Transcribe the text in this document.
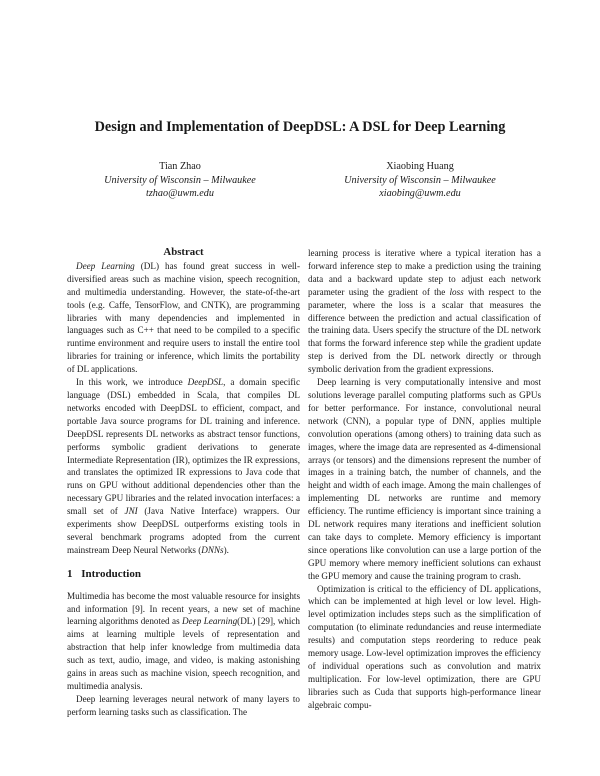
Design and Implementation of DeepDSL: A DSL for Deep Learning
Tian Zhao
University of Wisconsin – Milwaukee
tzhao@uwm.edu
Xiaobing Huang
University of Wisconsin – Milwaukee
xiaobing@uwm.edu
Abstract

Deep Learning (DL) has found great success in well-diversified areas such as machine vision, speech recognition, and multimedia understanding. However, the state-of-the-art tools (e.g. Caffe, TensorFlow, and CNTK), are programming libraries with many dependencies and implemented in languages such as C++ that need to be compiled to a specific runtime environment and require users to install the entire tool libraries for training or inference, which limits the portability of DL applications.

In this work, we introduce DeepDSL, a domain specific language (DSL) embedded in Scala, that compiles DL networks encoded with DeepDSL to efficient, compact, and portable Java source programs for DL training and inference. DeepDSL represents DL networks as abstract tensor functions, performs symbolic gradient derivations to generate Intermediate Representation (IR), optimizes the IR expressions, and translates the optimized IR expressions to Java code that runs on GPU without additional dependencies other than the necessary GPU libraries and the related invocation interfaces: a small set of JNI (Java Native Interface) wrappers. Our experiments show DeepDSL outperforms existing tools in several benchmark programs adopted from the current mainstream Deep Neural Networks (DNNs).

1 Introduction

Multimedia has become the most valuable resource for insights and information [9]. In recent years, a new set of machine learning algorithms denoted as Deep Learning(DL) [29], which aims at learning multiple levels of representation and abstraction that help infer knowledge from multimedia data such as text, audio, image, and video, is making astonishing gains in areas such as machine vision, speech recognition, and multimedia analysis.

Deep learning leverages neural network of many layers to perform learning tasks such as classification. The

learning process is iterative where a typical iteration has a forward inference step to make a prediction using the training data and a backward update step to adjust each network parameter using the gradient of the loss with respect to the parameter, where the loss is a scalar that measures the difference between the prediction and actual classification of the training data. Users specify the structure of the DL network that forms the forward inference step while the gradient update step is derived from the DL network directly or through symbolic derivation from the gradient expressions.

Deep learning is very computationally intensive and most solutions leverage parallel computing platforms such as GPUs for better performance. For instance, convolutional neural network (CNN), a popular type of DNN, applies multiple convolution operations (among others) to training data such as images, where the image data are represented as 4-dimensional arrays (or tensors) and the dimensions represent the number of images in a training batch, the number of channels, and the height and width of each image. Among the main challenges of implementing DL networks are runtime and memory efficiency. The runtime efficiency is important since training a DL network requires many iterations and inefficient solution can take days to complete. Memory efficiency is important since operations like convolution can use a large portion of the GPU memory where memory inefficient solutions can exhaust the GPU memory and cause the training program to crash.

Optimization is critical to the efficiency of DL applications, which can be implemented at high level or low level. High-level optimization includes steps such as the simplification of computation (to eliminate redundancies and reuse intermediate results) and computation steps reordering to reduce peak memory usage. Low-level optimization improves the efficiency of individual operations such as convolution and matrix multiplication. For low-level optimization, there are GPU libraries such as Cuda that supports high-performance linear algebraic compu-
